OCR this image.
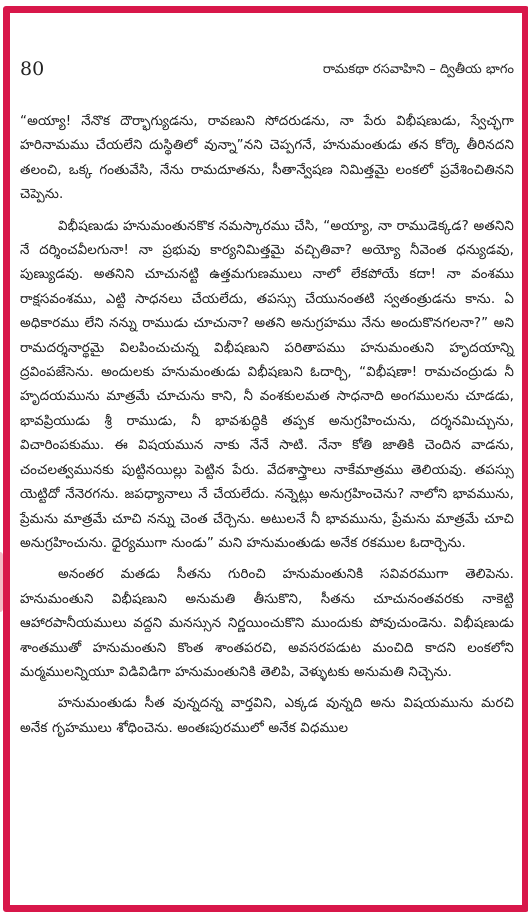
80	రామకథా రసవాహిని – ద్వితీయ భాగం

“అయ్యా! నేనొక దౌర్భాగ్యుడను, రావణుని సోదరుడను, నా పేరు విభీషణుడు, స్వేచ్ఛగా హరినామము చేయలేని దుస్థితిలో వున్నా”నని చెప్పగనే, హనుమంతుడు తన కోర్కె తీరినదని తలంచి, ఒక్క గంతువేసి, నేను రామదూతను, సీతాన్వేషణ నిమిత్తమై లంకలో ప్రవేశించితినని చెప్పెను.

విభీషణుడు హనుమంతునకొక నమస్కారము చేసి, “అయ్యా, నా రాముడెక్కడ? అతనిని నే దర్శించవీలగునా! నా ప్రభువు కార్యనిమిత్తమై వచ్చితివా? అయ్యో నీవెంత ధన్యుడవు, పుణ్యుడవు. అతనిని చూచునట్టి ఉత్తమగుణములు నాలో లేకపోయే కదా! నా వంశము రాక్షసవంశము, ఎట్టి సాధనలు చేయలేదు, తపస్సు చేయునంతటి స్వతంత్రుడను కాను. ఏ అధికారము లేని నన్ను రాముడు చూచునా? అతని అనుగ్రహము నేను అందుకొనగలనా?” అని రామదర్శనార్థమై విలపించుచున్న విభీషణుని పరితాపము హనుమంతుని హృదయాన్ని ద్రవింపజేసెను. అందులకు హనుమంతుడు విభీషణుని ఓదార్చి, “విభీషణా! రామచంద్రుడు నీ హృదయమును మాత్రమే చూచును కాని, నీ వంశకులమత సాధనాది అంగములను చూడడు, భావప్రియుడు శ్రీ రాముడు, నీ భావశుద్ధికి తప్పక అనుగ్రహించును, దర్శనమిచ్చును, విచారింపకుము. ఈ విషయమున నాకు నేనే సాటి. నేనా కోతి జాతికి చెందిన వాడను, చంచలత్వమునకు పుట్టినయిల్లు పెట్టిన పేరు. వేదశాస్త్రాలు నాకేమాత్రము తెలియవు. తపస్సు యెట్టిదో నేనెరగను. జపధ్యానాలు నే చేయలేదు. నన్నెట్లు అనుగ్రహించెను? నాలోని భావమును, ప్రేమను మాత్రమే చూచి నన్ను చెంత చేర్చెను. అటులనే నీ భావమును, ప్రేమను మాత్రమే చూచి అనుగ్రహించును. ధైర్యముగా నుండు” మని హనుమంతుడు అనేక రకముల ఓదార్చెను.

అనంతర మతడు సీతను గురించి హనుమంతునికి సవివరముగా తెలిపెను. హనుమంతుని విభీషణుని అనుమతి తీసుకొని, సీతను చూచునంతవరకు నాకెట్టి ఆహారపానీయములు వద్దని మనస్సున నిర్ణయించుకొని ముందుకు పోవుచుండెను. విభీషణుడు శాంతముతో హనుమంతుని కొంత శాంతపరచి, అవసరపడుట మంచిది కాదని లంకలోని మర్మములన్నియూ విడివిడిగా హనుమంతునికి తెలిపి, వెళ్ళుటకు అనుమతి నిచ్చెను.

హనుమంతుడు సీత వున్నదన్న వార్తవిని, ఎక్కడ వున్నది అను విషయమును మరచి అనేక గృహములు శోధించెను. అంతఃపురములో అనేక విధముల
